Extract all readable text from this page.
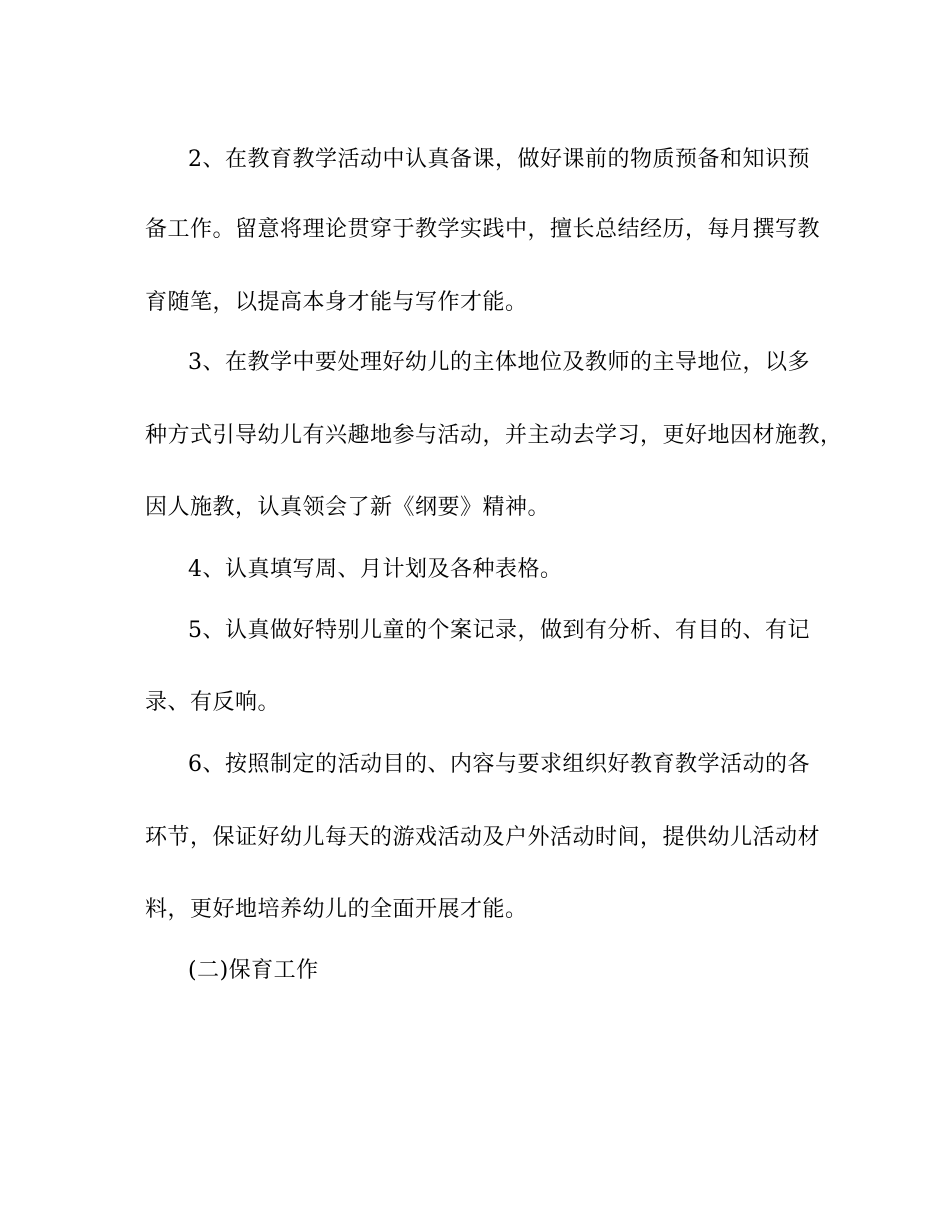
2、在教育教学活动中认真备课，做好课前的物质预备和知识预
备工作。留意将理论贯穿于教学实践中，擅长总结经历，每月撰写教
育随笔，以提高本身才能与写作才能。
3、在教学中要处理好幼儿的主体地位及教师的主导地位，以多
种方式引导幼儿有兴趣地参与活动，并主动去学习，更好地因材施教，
因人施教，认真领会了新《纲要》精神。
4、认真填写周、月计划及各种表格。
5、认真做好特别儿童的个案记录，做到有分析、有目的、有记
录、有反响。
6、按照制定的活动目的、内容与要求组织好教育教学活动的各
环节，保证好幼儿每天的游戏活动及户外活动时间，提供幼儿活动材
料，更好地培养幼儿的全面开展才能。
(二)保育工作
